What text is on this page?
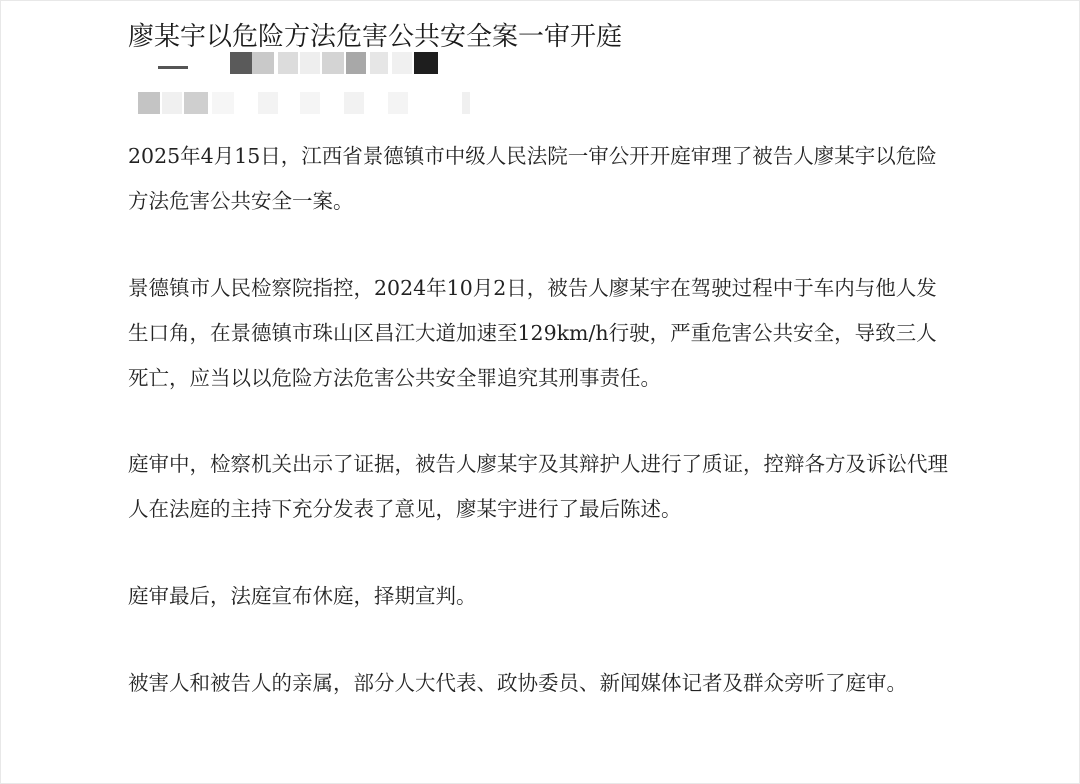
廖某宇以危险方法危害公共安全案一审开庭

2025年4月15日，江西省景德镇市中级人民法院一审公开开庭审理了被告人廖某宇以危险方法危害公共安全一案。

景德镇市人民检察院指控，2024年10月2日，被告人廖某宇在驾驶过程中于车内与他人发生口角，在景德镇市珠山区昌江大道加速至129km/h行驶，严重危害公共安全，导致三人死亡，应当以以危险方法危害公共安全罪追究其刑事责任。

庭审中，检察机关出示了证据，被告人廖某宇及其辩护人进行了质证，控辩各方及诉讼代理人在法庭的主持下充分发表了意见，廖某宇进行了最后陈述。

庭审最后，法庭宣布休庭，择期宣判。

被害人和被告人的亲属，部分人大代表、政协委员、新闻媒体记者及群众旁听了庭审。
